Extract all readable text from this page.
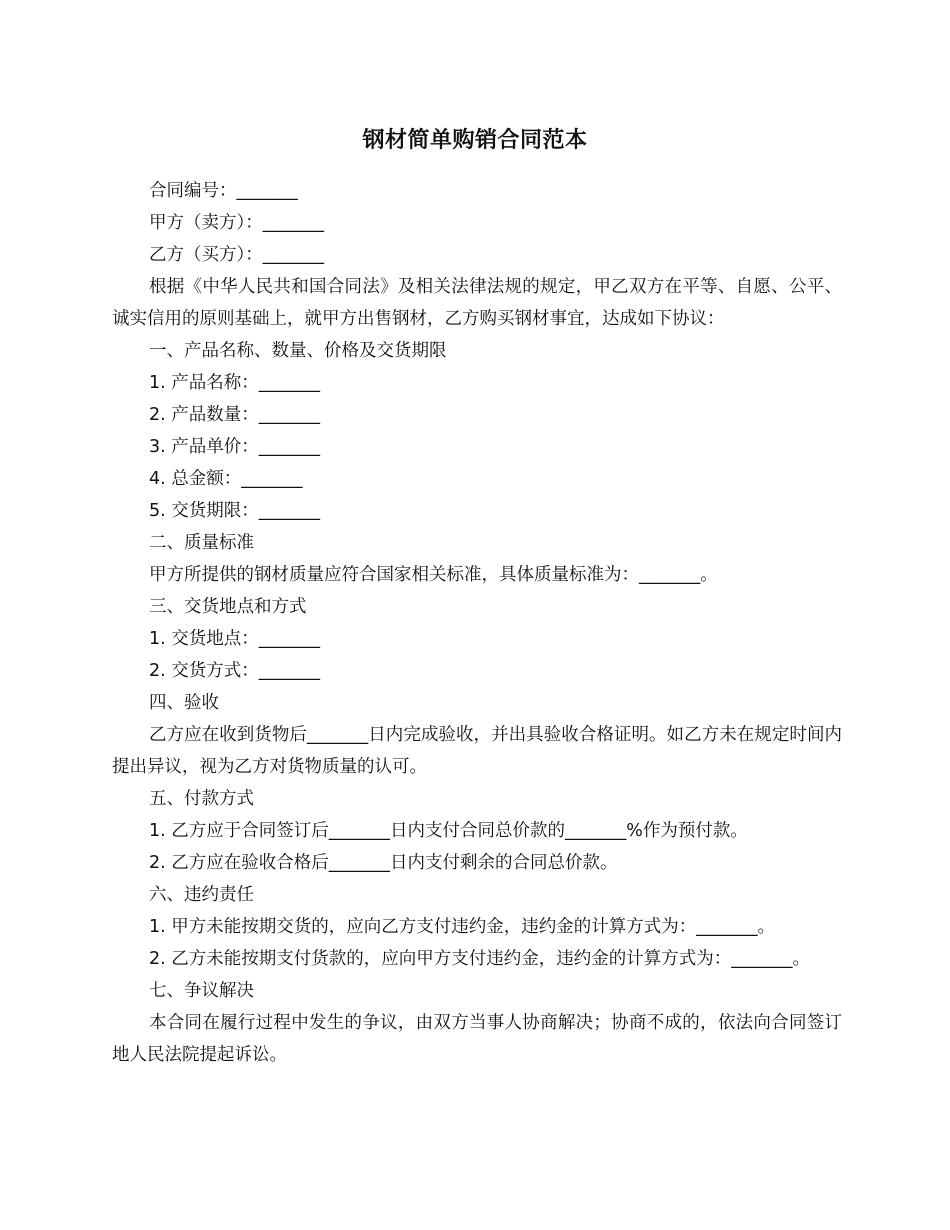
钢材简单购销合同范本

合同编号：_______

甲方（卖方）：_______

乙方（买方）：_______

根据《中华人民共和国合同法》及相关法律法规的规定，甲乙双方在平等、自愿、公平、诚实信用的原则基础上，就甲方出售钢材，乙方购买钢材事宜，达成如下协议：

一、产品名称、数量、价格及交货期限

1. 产品名称：_______

2. 产品数量：_______

3. 产品单价：_______

4. 总金额：_______

5. 交货期限：_______

二、质量标准

甲方所提供的钢材质量应符合国家相关标准，具体质量标准为：_______。

三、交货地点和方式

1. 交货地点：_______

2. 交货方式：_______

四、验收

乙方应在收到货物后_______日内完成验收，并出具验收合格证明。如乙方未在规定时间内提出异议，视为乙方对货物质量的认可。

五、付款方式

1. 乙方应于合同签订后_______日内支付合同总价款的_______%作为预付款。

2. 乙方应在验收合格后_______日内支付剩余的合同总价款。

六、违约责任

1. 甲方未能按期交货的，应向乙方支付违约金，违约金的计算方式为：_______。

2. 乙方未能按期支付货款的，应向甲方支付违约金，违约金的计算方式为：_______。

七、争议解决

本合同在履行过程中发生的争议，由双方当事人协商解决；协商不成的，依法向合同签订地人民法院提起诉讼。
